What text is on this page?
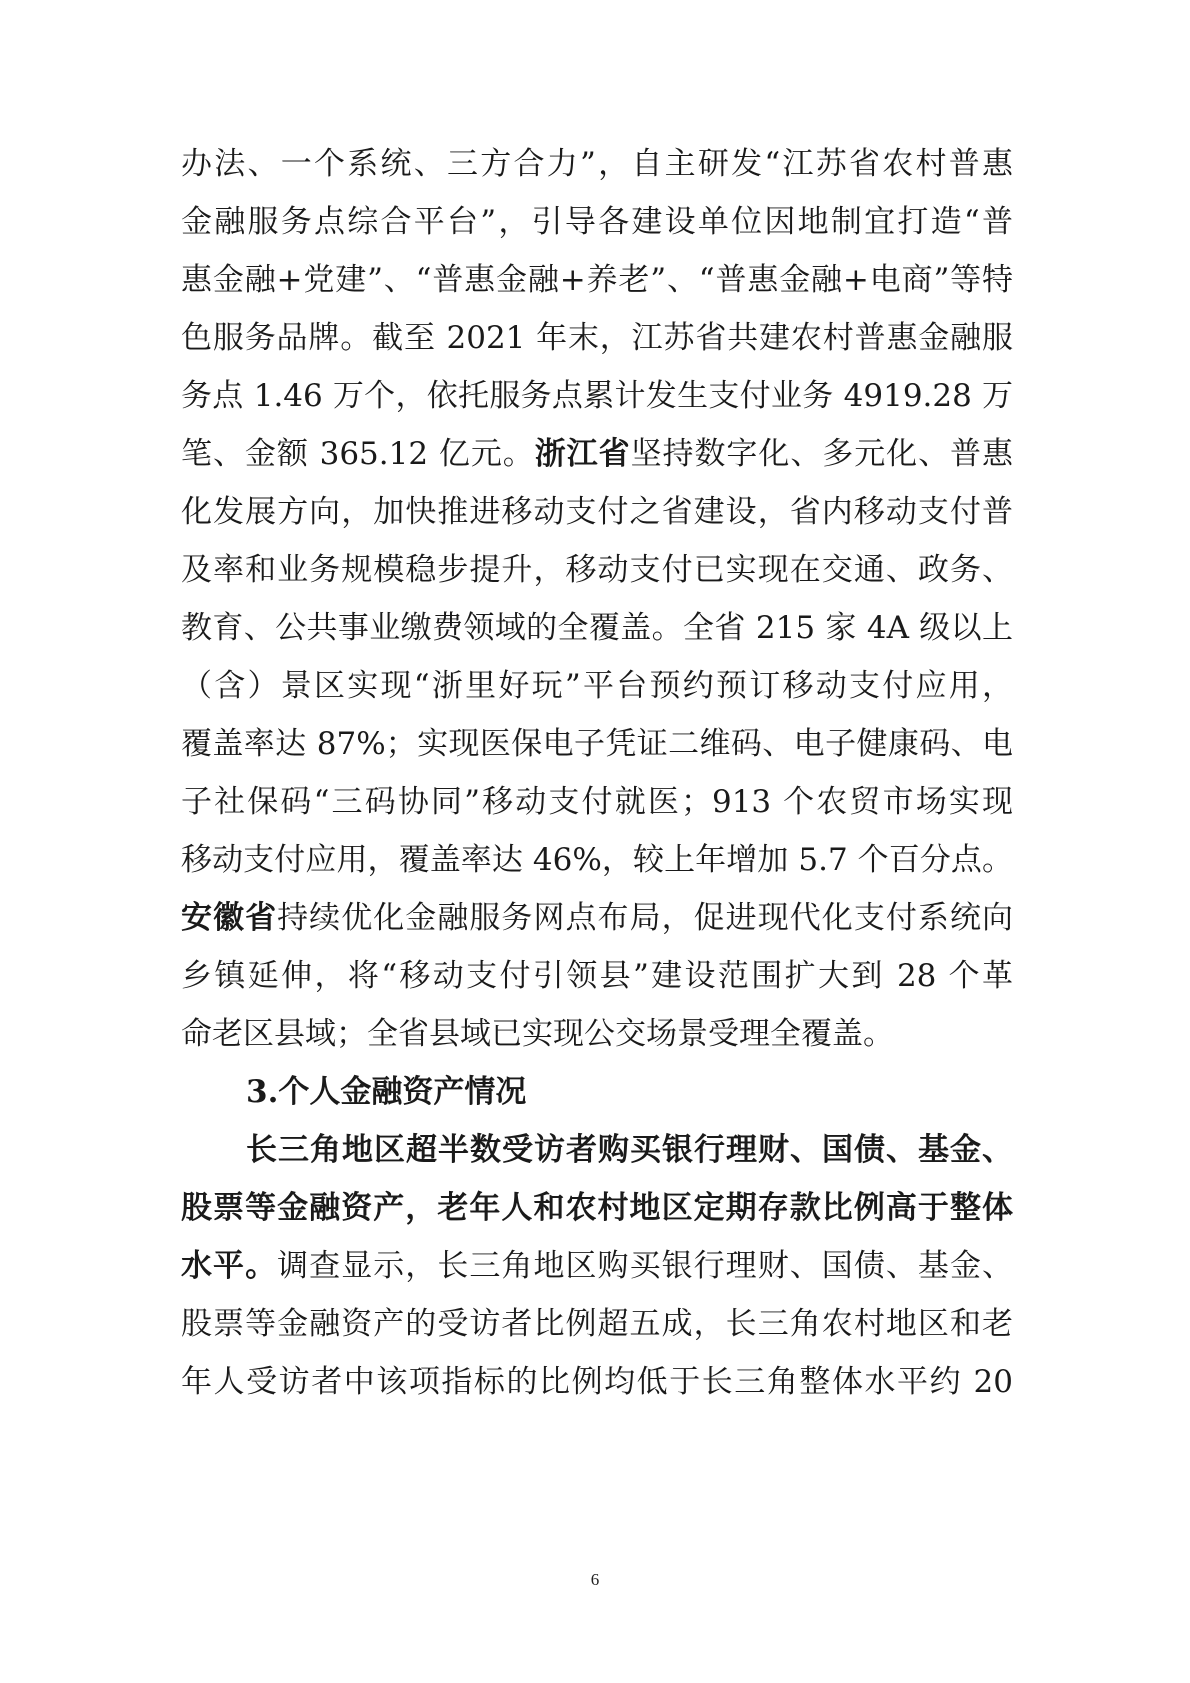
办法、一个系统、三方合力”，自主研发“江苏省农村普惠
金融服务点综合平台”，引导各建设单位因地制宜打造“普
惠金融+党建”、“普惠金融+养老”、“普惠金融+电商”等特
色服务品牌。截至 2021 年末，江苏省共建农村普惠金融服
务点 1.46 万个，依托服务点累计发生支付业务 4919.28 万
笔、金额 365.12 亿元。浙江省坚持数字化、多元化、普惠
化发展方向，加快推进移动支付之省建设，省内移动支付普
及率和业务规模稳步提升，移动支付已实现在交通、政务、
教育、公共事业缴费领域的全覆盖。全省 215 家 4A 级以上
（含）景区实现“浙里好玩”平台预约预订移动支付应用，
覆盖率达 87%；实现医保电子凭证二维码、电子健康码、电
子社保码“三码协同”移动支付就医；913 个农贸市场实现
移动支付应用，覆盖率达 46%，较上年增加 5.7 个百分点。
安徽省持续优化金融服务网点布局，促进现代化支付系统向
乡镇延伸，将“移动支付引领县”建设范围扩大到 28 个革
命老区县域；全省县域已实现公交场景受理全覆盖。
3.个人金融资产情况
长三角地区超半数受访者购买银行理财、国债、基金、
股票等金融资产，老年人和农村地区定期存款比例高于整体
水平。调查显示，长三角地区购买银行理财、国债、基金、
股票等金融资产的受访者比例超五成，长三角农村地区和老
年人受访者中该项指标的比例均低于长三角整体水平约 20
6
